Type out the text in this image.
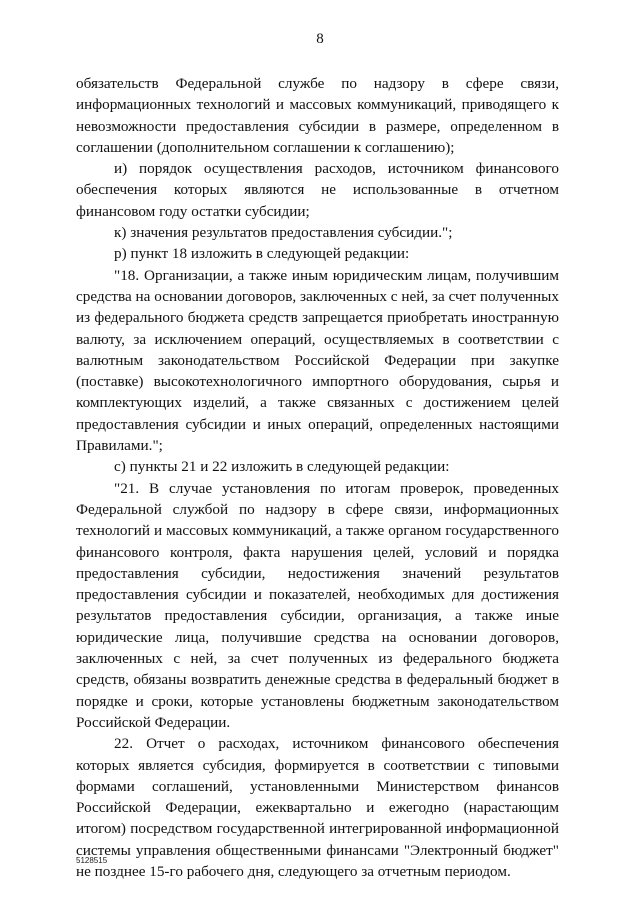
8

обязательств Федеральной службе по надзору в сфере связи, информационных технологий и массовых коммуникаций, приводящего к невозможности предоставления субсидии в размере, определенном в соглашении (дополнительном соглашении к соглашению);

и) порядок осуществления расходов, источником финансового обеспечения которых являются не использованные в отчетном финансовом году остатки субсидии;

к) значения результатов предоставления субсидии.";

р) пункт 18 изложить в следующей редакции:

"18. Организации, а также иным юридическим лицам, получившим средства на основании договоров, заключенных с ней, за счет полученных из федерального бюджета средств запрещается приобретать иностранную валюту, за исключением операций, осуществляемых в соответствии с валютным законодательством Российской Федерации при закупке (поставке) высокотехнологичного импортного оборудования, сырья и комплектующих изделий, а также связанных с достижением целей предоставления субсидии и иных операций, определенных настоящими Правилами.";

с) пункты 21 и 22 изложить в следующей редакции:

"21. В случае установления по итогам проверок, проведенных Федеральной службой по надзору в сфере связи, информационных технологий и массовых коммуникаций, а также органом государственного финансового контроля, факта нарушения целей, условий и порядка предоставления субсидии, недостижения значений результатов предоставления субсидии и показателей, необходимых для достижения результатов предоставления субсидии, организация, а также иные юридические лица, получившие средства на основании договоров, заключенных с ней, за счет полученных из федерального бюджета средств, обязаны возвратить денежные средства в федеральный бюджет в порядке и сроки, которые установлены бюджетным законодательством Российской Федерации.

22. Отчет о расходах, источником финансового обеспечения которых является субсидия, формируется в соответствии с типовыми формами соглашений, установленными Министерством финансов Российской Федерации, ежеквартально и ежегодно (нарастающим итогом) посредством государственной интегрированной информационной системы управления общественными финансами "Электронный бюджет" не позднее 15-го рабочего дня, следующего за отчетным периодом.

5128515
